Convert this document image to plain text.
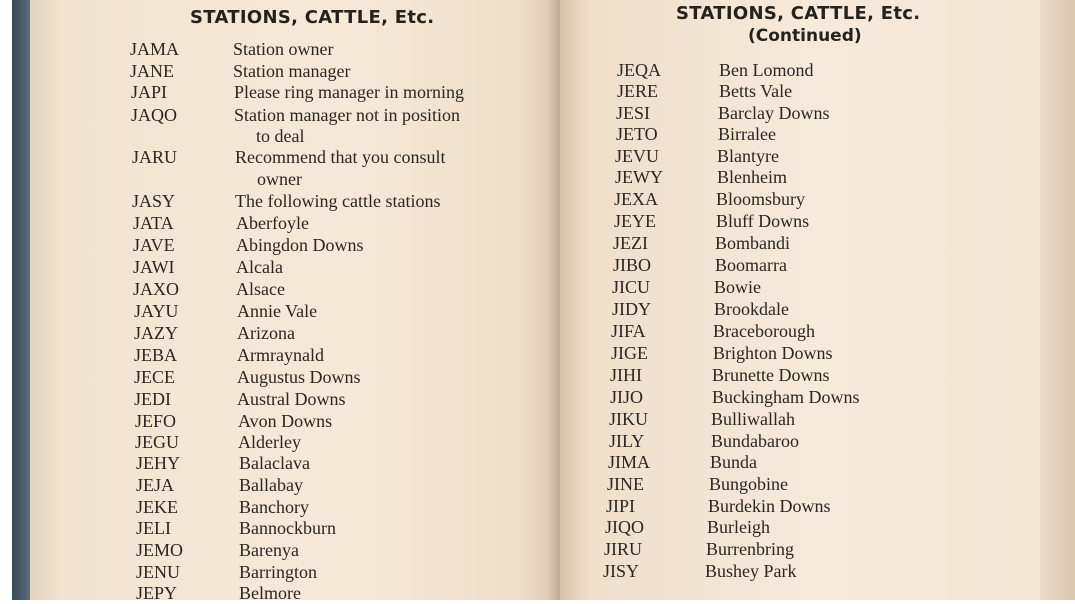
STATIONS, CATTLE, Etc.
JAMA	Station owner
JANE	Station manager
JAPI	Please ring manager in morning
JAQO	Station manager not in position
to deal
JARU	Recommend that you consult
owner
JASY	The following cattle stations
JATA	Aberfoyle
JAVE	Abingdon Downs
JAWI	Alcala
JAXO	Alsace
JAYU	Annie Vale
JAZY	Arizona
JEBA	Armraynald
JECE	Augustus Downs
JEDI	Austral Downs
JEFO	Avon Downs
JEGU	Alderley
JEHY	Balaclava
JEJA	Ballabay
JEKE	Banchory
JELI	Bannockburn
JEMO	Barenya
JENU	Barrington
JEPY	Belmore
STATIONS, CATTLE, Etc.
(Continued)
JEQA	Ben Lomond
JERE	Betts Vale
JESI	Barclay Downs
JETO	Birralee
JEVU	Blantyre
JEWY	Blenheim
JEXA	Bloomsbury
JEYE	Bluff Downs
JEZI	Bombandi
JIBO	Boomarra
JICU	Bowie
JIDY	Brookdale
JIFA	Braceborough
JIGE	Brighton Downs
JIHI	Brunette Downs
JIJO	Buckingham Downs
JIKU	Bulliwallah
JILY	Bundabaroo
JIMA	Bunda
JINE	Bungobine
JIPI	Burdekin Downs
JIQO	Burleigh
JIRU	Burrenbring
JISY	Bushey Park
